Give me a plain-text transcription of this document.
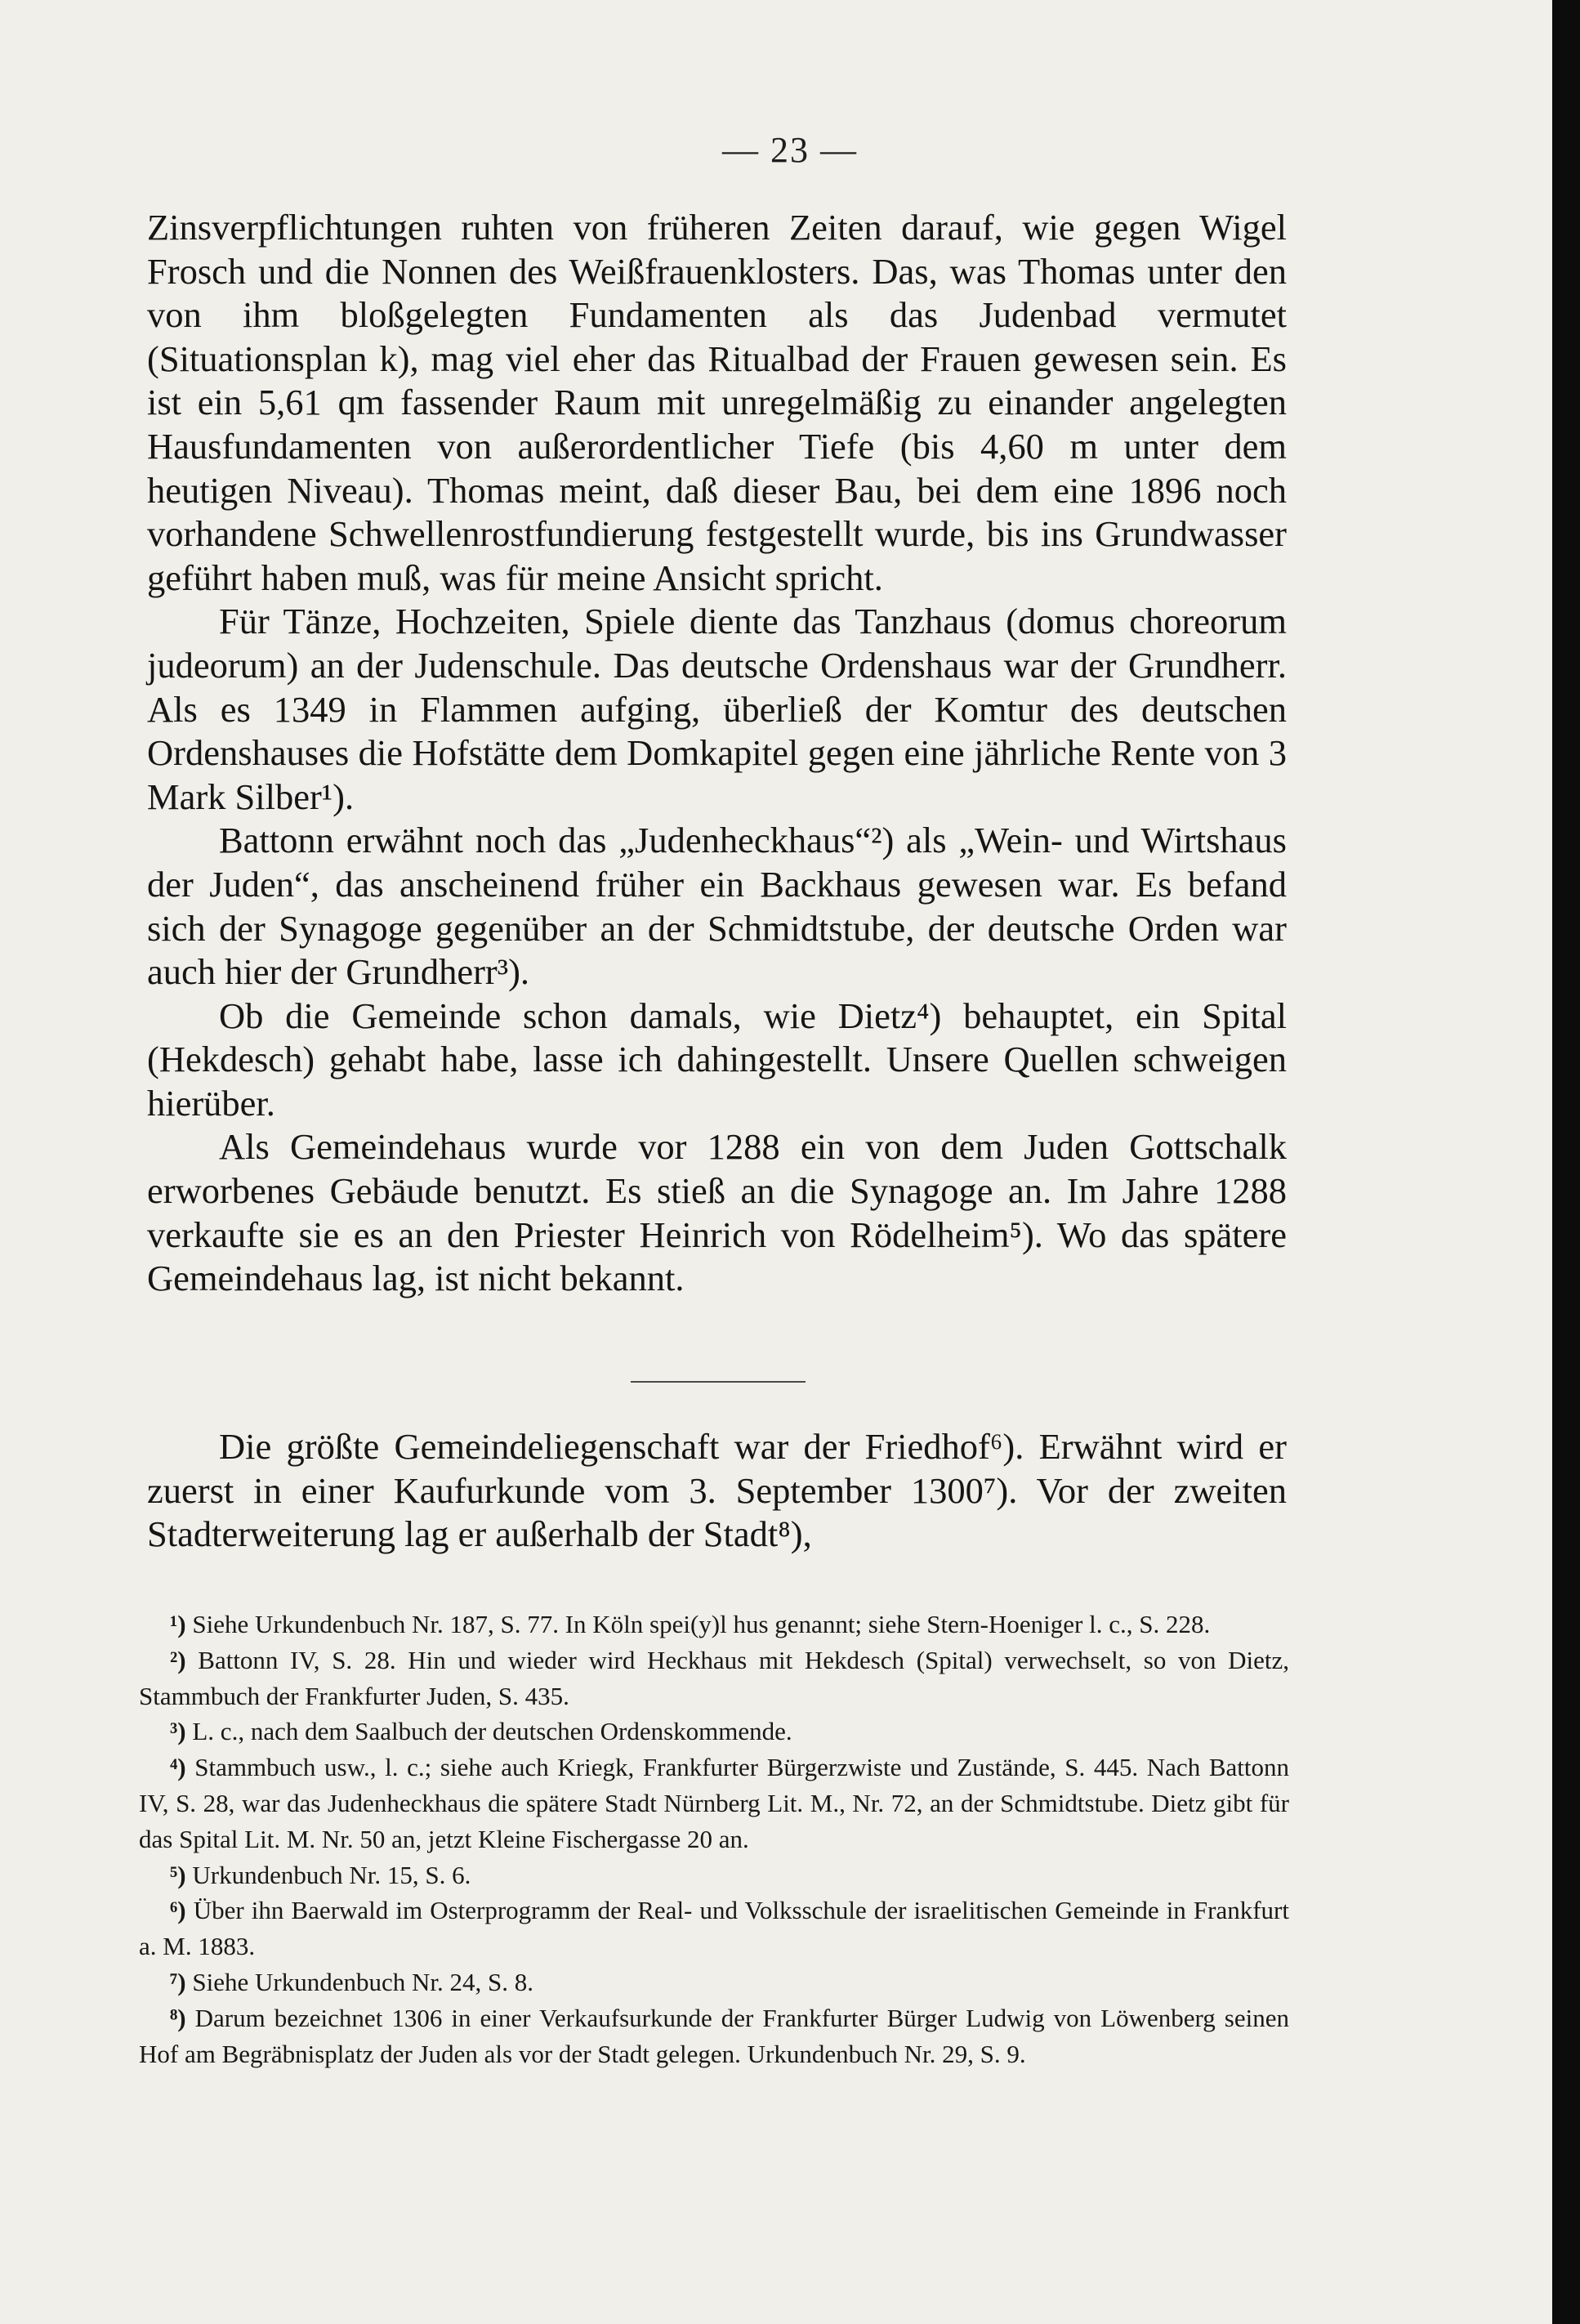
— 23 —

Zinsverpflichtungen ruhten von früheren Zeiten darauf, wie gegen Wigel Frosch und die Nonnen des Weißfrauenklosters. Das, was Thomas unter den von ihm bloßgelegten Fundamenten als das Judenbad vermutet (Situationsplan k), mag viel eher das Ritualbad der Frauen gewesen sein. Es ist ein 5,61 qm fassender Raum mit unregelmäßig zu einander angelegten Hausfundamenten von außerordentlicher Tiefe (bis 4,60 m unter dem heutigen Niveau). Thomas meint, daß dieser Bau, bei dem eine 1896 noch vorhandene Schwellenrostfundierung festgestellt wurde, bis ins Grundwasser geführt haben muß, was für meine Ansicht spricht.

Für Tänze, Hochzeiten, Spiele diente das Tanzhaus (domus choreorum judeorum) an der Judenschule. Das deutsche Ordenshaus war der Grundherr. Als es 1349 in Flammen aufging, überließ der Komtur des deutschen Ordenshauses die Hofstätte dem Domkapitel gegen eine jährliche Rente von 3 Mark Silber¹).

Battonn erwähnt noch das „Judenheckhaus“²) als „Wein- und Wirtshaus der Juden“, das anscheinend früher ein Backhaus gewesen war. Es befand sich der Synagoge gegenüber an der Schmidtstube, der deutsche Orden war auch hier der Grundherr³).

Ob die Gemeinde schon damals, wie Dietz⁴) behauptet, ein Spital (Hekdesch) gehabt habe, lasse ich dahingestellt. Unsere Quellen schweigen hierüber.

Als Gemeindehaus wurde vor 1288 ein von dem Juden Gottschalk erworbenes Gebäude benutzt. Es stieß an die Synagoge an. Im Jahre 1288 verkaufte sie es an den Priester Heinrich von Rödelheim⁵). Wo das spätere Gemeindehaus lag, ist nicht bekannt.

Die größte Gemeindeliegenschaft war der Friedhof⁶). Erwähnt wird er zuerst in einer Kaufurkunde vom 3. September 1300⁷). Vor der zweiten Stadterweiterung lag er außerhalb der Stadt⁸),

¹) Siehe Urkundenbuch Nr. 187, S. 77. In Köln spei(y)l hus genannt; siehe Stern-Hoeniger l. c., S. 228.

²) Battonn IV, S. 28. Hin und wieder wird Heckhaus mit Hekdesch (Spital) verwechselt, so von Dietz, Stammbuch der Frankfurter Juden, S. 435.

³) L. c., nach dem Saalbuch der deutschen Ordenskommende.

⁴) Stammbuch usw., l. c.; siehe auch Kriegk, Frankfurter Bürgerzwiste und Zustände, S. 445. Nach Battonn IV, S. 28, war das Judenheckhaus die spätere Stadt Nürnberg Lit. M., Nr. 72, an der Schmidtstube. Dietz gibt für das Spital Lit. M. Nr. 50 an, jetzt Kleine Fischergasse 20 an.

⁵) Urkundenbuch Nr. 15, S. 6.

⁶) Über ihn Baerwald im Osterprogramm der Real- und Volksschule der israelitischen Gemeinde in Frankfurt a. M. 1883.

⁷) Siehe Urkundenbuch Nr. 24, S. 8.

⁸) Darum bezeichnet 1306 in einer Verkaufsurkunde der Frankfurter Bürger Ludwig von Löwenberg seinen Hof am Begräbnisplatz der Juden als vor der Stadt gelegen. Urkundenbuch Nr. 29, S. 9.
